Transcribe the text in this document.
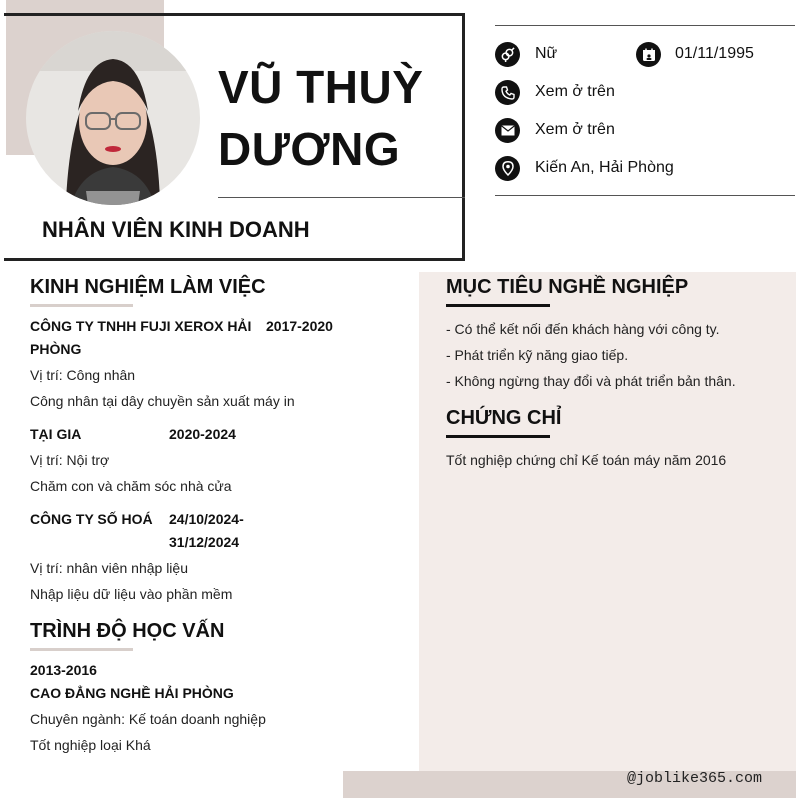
VŨ THUỲ
DƯƠNG
NHÂN VIÊN KINH DOANH
Nữ	01/11/1995
Xem ở trên
Xem ở trên
Kiến An, Hải Phòng
KINH NGHIỆM LÀM VIỆC
CÔNG TY TNHH FUJI XEROX HẢI
PHÒNG
2017-2020
Vị trí: Công nhân
Công nhân tại dây chuyền sản xuất máy in
TẠI GIA	2020-2024
Vị trí: Nội trợ
Chăm con và chăm sóc nhà cửa
CÔNG TY SỐ HOÁ 24/10/2024-
31/12/2024
Vị trí: nhân viên nhập liệu
Nhập liệu dữ liệu vào phần mềm
TRÌNH ĐỘ HỌC VẤN
2013-2016
CAO ĐẲNG NGHỀ HẢI PHÒNG
Chuyên ngành: Kế toán doanh nghiệp
Tốt nghiệp loại Khá
MỤC TIÊU NGHỀ NGHIỆP
- Có thể kết nối đến khách hàng với công ty.
- Phát triển kỹ năng giao tiếp.
- Không ngừng thay đổi và phát triển bản thân.
CHỨNG CHỈ
Tốt nghiệp chứng chỉ Kế toán máy năm 2016
@joblike365.com
